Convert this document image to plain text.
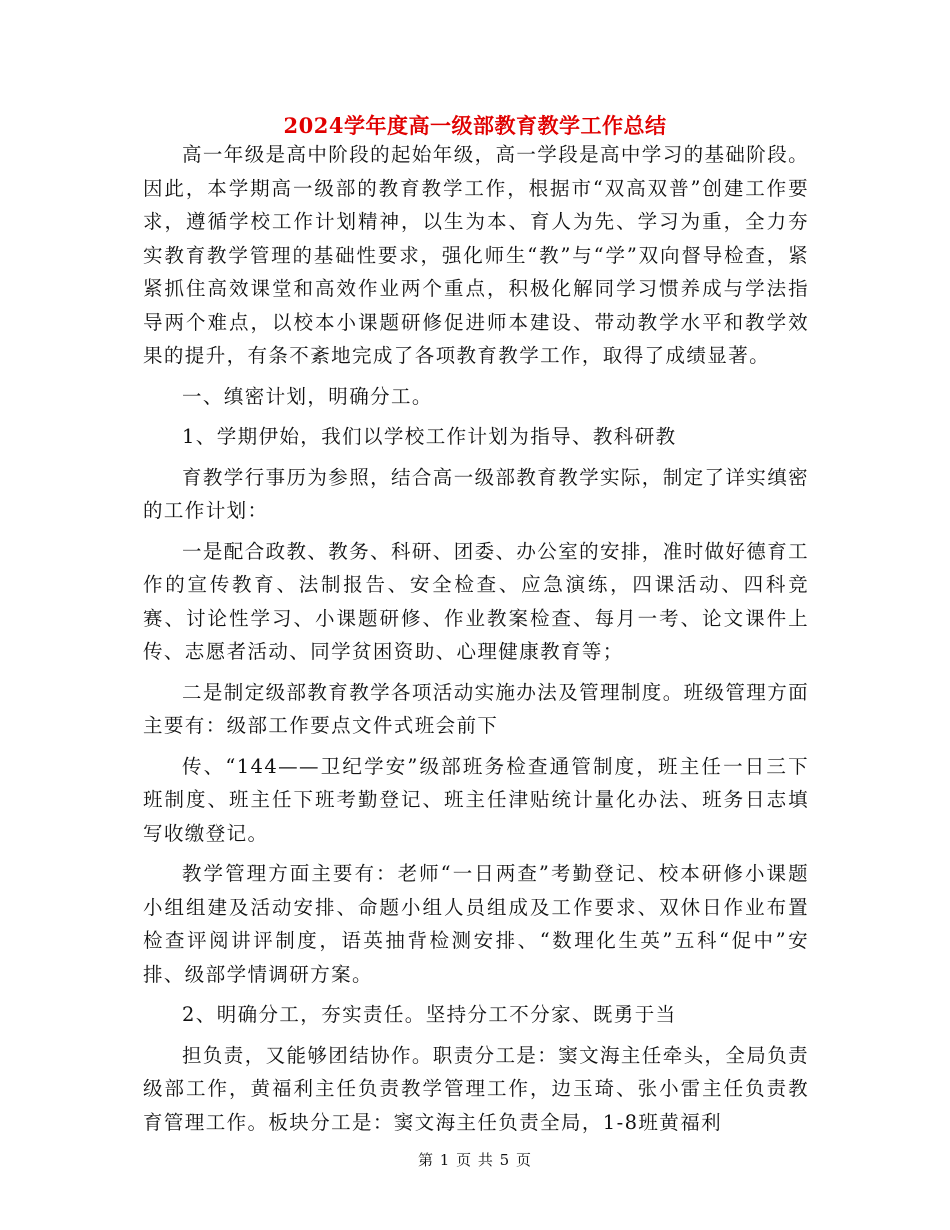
2024学年度高一级部教育教学工作总结

高一年级是高中阶段的起始年级，高一学段是高中学习的基础阶段。因此，本学期高一级部的教育教学工作，根据市“双高双普”创建工作要求，遵循学校工作计划精神，以生为本、育人为先、学习为重，全力夯实教育教学管理的基础性要求，强化师生“教”与“学”双向督导检查，紧紧抓住高效课堂和高效作业两个重点，积极化解同学习惯养成与学法指导两个难点，以校本小课题研修促进师本建设、带动教学水平和教学效果的提升，有条不紊地完成了各项教育教学工作，取得了成绩显著。

一、缜密计划，明确分工。

1、学期伊始，我们以学校工作计划为指导、教科研教

育教学行事历为参照，结合高一级部教育教学实际，制定了详实缜密的工作计划：

一是配合政教、教务、科研、团委、办公室的安排，准时做好德育工作的宣传教育、法制报告、安全检查、应急演练，四课活动、四科竞赛、讨论性学习、小课题研修、作业教案检查、每月一考、论文课件上传、志愿者活动、同学贫困资助、心理健康教育等；

二是制定级部教育教学各项活动实施办法及管理制度。班级管理方面主要有：级部工作要点文件式班会前下

传、“144——卫纪学安”级部班务检查通管制度，班主任一日三下班制度、班主任下班考勤登记、班主任津贴统计量化办法、班务日志填写收缴登记。

教学管理方面主要有：老师“一日两查”考勤登记、校本研修小课题小组组建及活动安排、命题小组人员组成及工作要求、双休日作业布置检查评阅讲评制度，语英抽背检测安排、“数理化生英”五科“促中”安排、级部学情调研方案。

2、明确分工，夯实责任。坚持分工不分家、既勇于当

担负责，又能够团结协作。职责分工是：窦文海主任牵头，全局负责级部工作，黄福利主任负责教学管理工作，边玉琦、张小雷主任负责教育管理工作。板块分工是：窦文海主任负责全局，1-8班黄福利

第 1 页 共 5 页
